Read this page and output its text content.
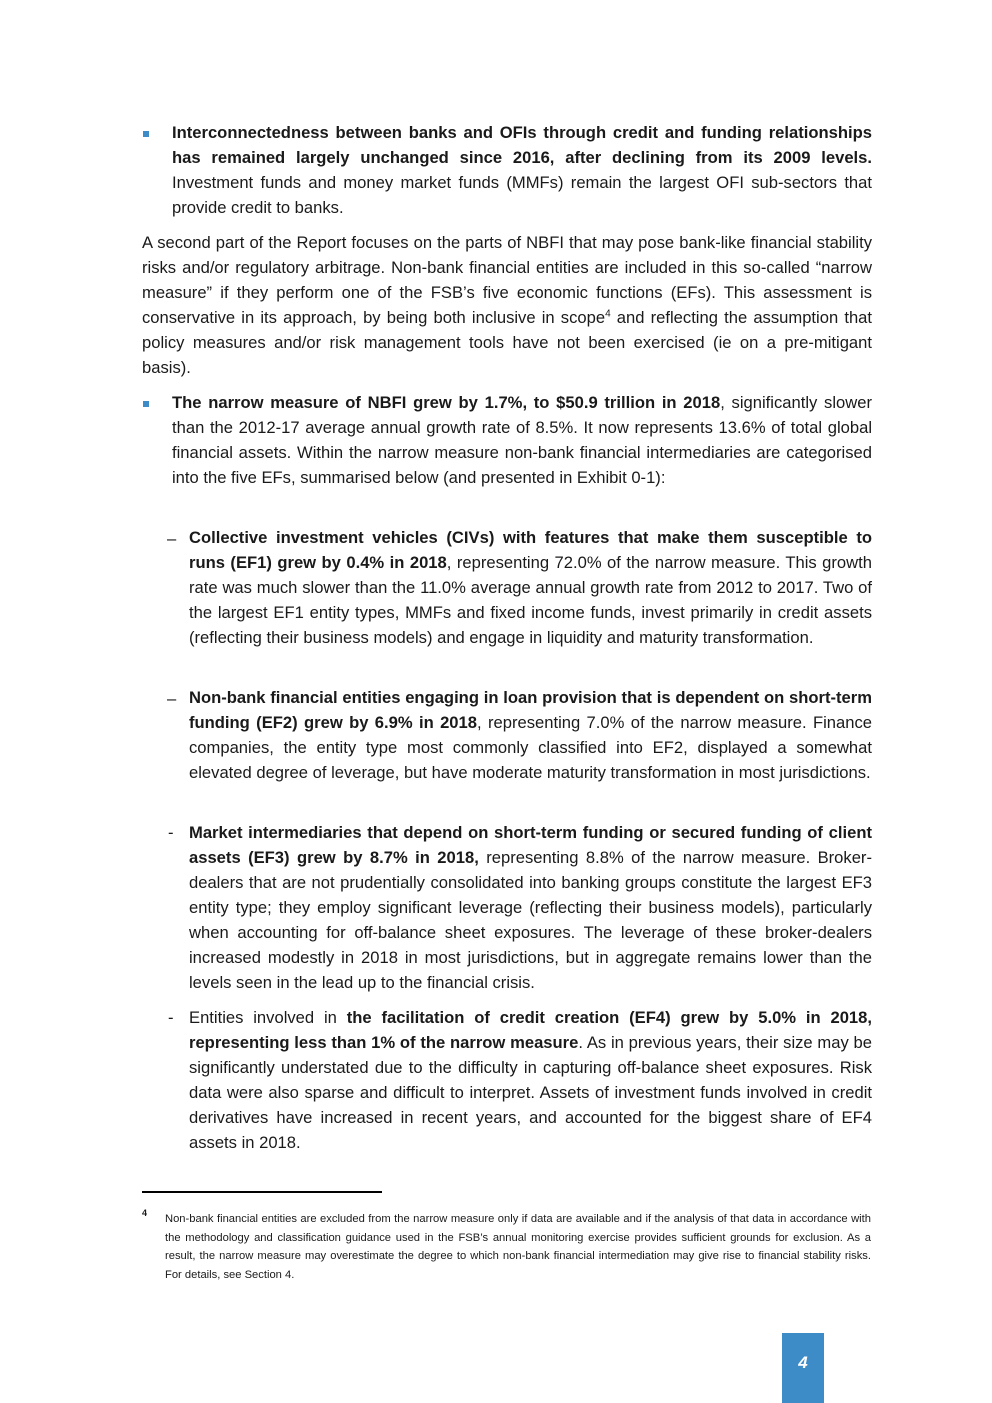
Interconnectedness between banks and OFIs through credit and funding relationships has remained largely unchanged since 2016, after declining from its 2009 levels. Investment funds and money market funds (MMFs) remain the largest OFI sub-sectors that provide credit to banks.

A second part of the Report focuses on the parts of NBFI that may pose bank-like financial stability risks and/or regulatory arbitrage. Non-bank financial entities are included in this so-called “narrow measure” if they perform one of the FSB’s five economic functions (EFs). This assessment is conservative in its approach, by being both inclusive in scope$^4$ and reflecting the assumption that policy measures and/or risk management tools have not been exercised (ie on a pre-mitigant basis).

The narrow measure of NBFI grew by 1.7%, to $50.9 trillion in 2018, significantly slower than the 2012-17 average annual growth rate of 8.5%. It now represents 13.6% of total global financial assets. Within the narrow measure non-bank financial intermediaries are categorised into the five EFs, summarised below (and presented in Exhibit 0-1):

– Collective investment vehicles (CIVs) with features that make them susceptible to runs (EF1) grew by 0.4% in 2018, representing 72.0% of the narrow measure. This growth rate was much slower than the 11.0% average annual growth rate from 2012 to 2017. Two of the largest EF1 entity types, MMFs and fixed income funds, invest primarily in credit assets (reflecting their business models) and engage in liquidity and maturity transformation.

– Non-bank financial entities engaging in loan provision that is dependent on short-term funding (EF2) grew by 6.9% in 2018, representing 7.0% of the narrow measure. Finance companies, the entity type most commonly classified into EF2, displayed a somewhat elevated degree of leverage, but have moderate maturity transformation in most jurisdictions.

- Market intermediaries that depend on short-term funding or secured funding of client assets (EF3) grew by 8.7% in 2018, representing 8.8% of the narrow measure. Broker-dealers that are not prudentially consolidated into banking groups constitute the largest EF3 entity type; they employ significant leverage (reflecting their business models), particularly when accounting for off-balance sheet exposures. The leverage of these broker-dealers increased modestly in 2018 in most jurisdictions, but in aggregate remains lower than the levels seen in the lead up to the financial crisis.

- Entities involved in the facilitation of credit creation (EF4) grew by 5.0% in 2018, representing less than 1% of the narrow measure. As in previous years, their size may be significantly understated due to the difficulty in capturing off-balance sheet exposures. Risk data were also sparse and difficult to interpret. Assets of investment funds involved in credit derivatives have increased in recent years, and accounted for the biggest share of EF4 assets in 2018.

4 Non-bank financial entities are excluded from the narrow measure only if data are available and if the analysis of that data in accordance with the methodology and classification guidance used in the FSB’s annual monitoring exercise provides sufficient grounds for exclusion. As a result, the narrow measure may overestimate the degree to which non-bank financial intermediation may give rise to financial stability risks. For details, see Section 4.

4
